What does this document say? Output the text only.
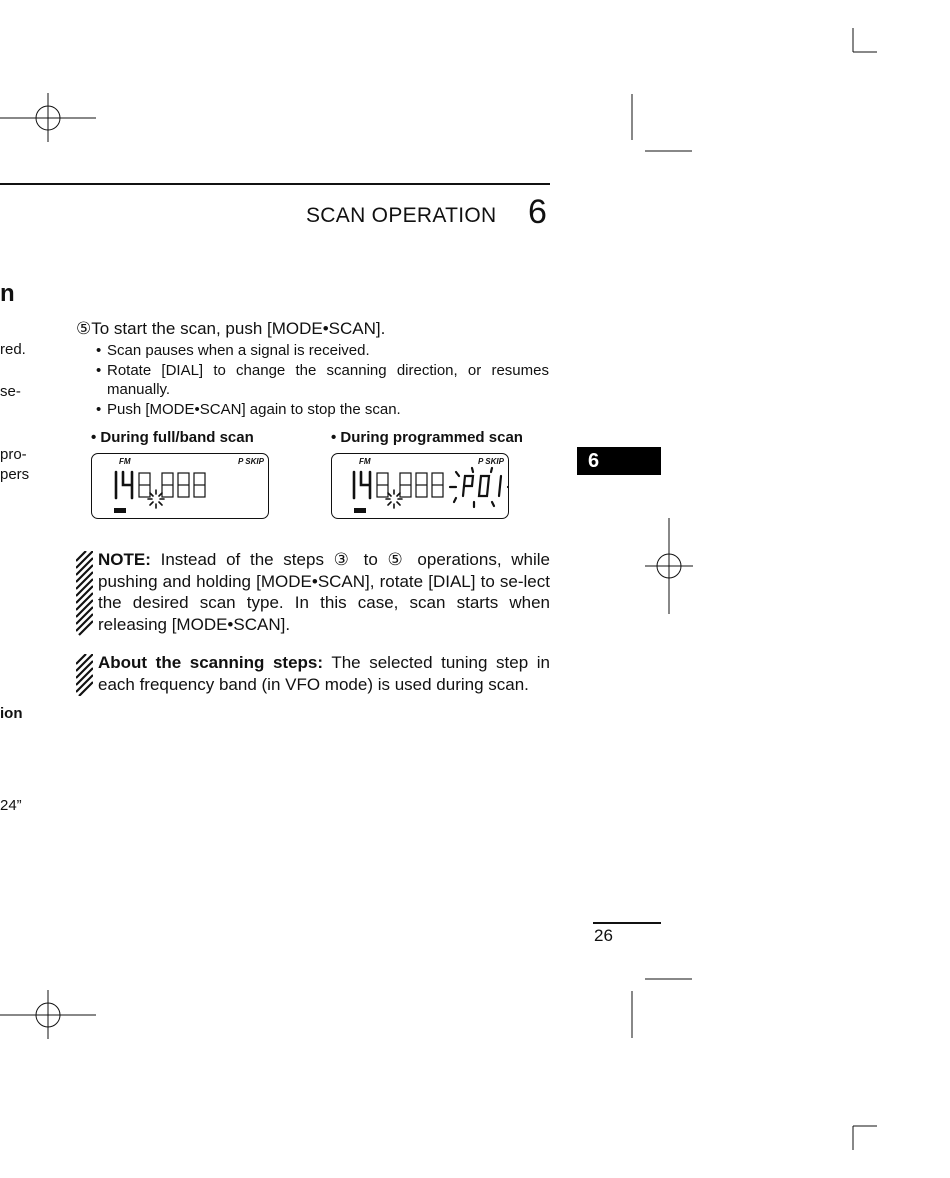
SCAN OPERATION 6
n
red.
se-
pro-
pers
ion
24”
⑤To start the scan, push [MODE•SCAN].
• Scan pauses when a signal is received.
• Rotate [DIAL] to change the scanning direction, or resumes manually.
• Push [MODE•SCAN] again to stop the scan.
• During full/band scan	• During programmed scan
FM	P SKIP	FM	P SKIP
NOTE: Instead of the steps ③ to ⑤ operations, while pushing and holding [MODE•SCAN], rotate [DIAL] to se-lect the desired scan type. In this case, scan starts when releasing [MODE•SCAN].
About the scanning steps: The selected tuning step in each frequency band (in VFO mode) is used during scan.
6
26
